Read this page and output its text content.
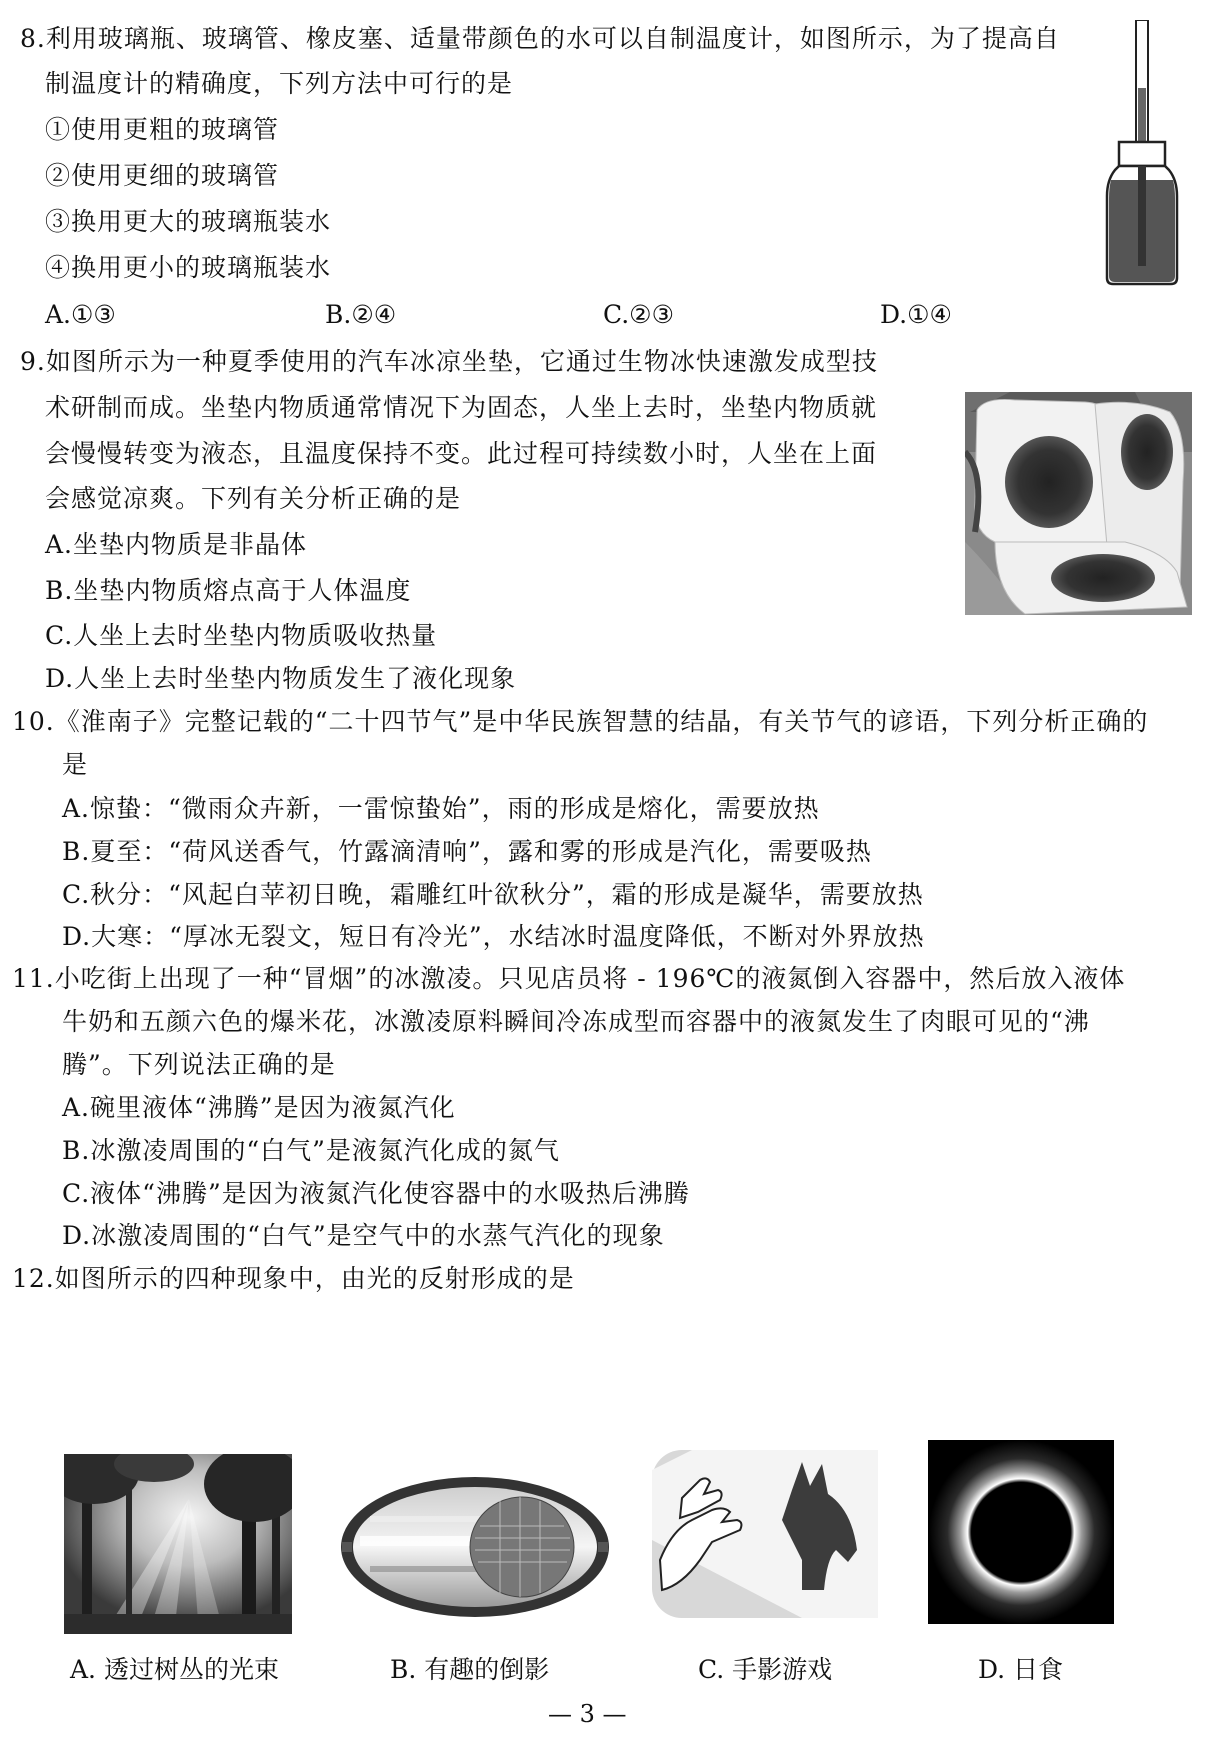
8.利用玻璃瓶、玻璃管、橡皮塞、适量带颜色的水可以自制温度计，如图所示，为了提高自
制温度计的精确度，下列方法中可行的是
①使用更粗的玻璃管
②使用更细的玻璃管
③换用更大的玻璃瓶装水
④换用更小的玻璃瓶装水
A.①③	B.②④	C.②③	D.①④
9.如图所示为一种夏季使用的汽车冰凉坐垫，它通过生物冰快速激发成型技
术研制而成。坐垫内物质通常情况下为固态，人坐上去时，坐垫内物质就
会慢慢转变为液态，且温度保持不变。此过程可持续数小时，人坐在上面
会感觉凉爽。下列有关分析正确的是
A.坐垫内物质是非晶体
B.坐垫内物质熔点高于人体温度
C.人坐上去时坐垫内物质吸收热量
D.人坐上去时坐垫内物质发生了液化现象
10.《淮南子》完整记载的“二十四节气”是中华民族智慧的结晶，有关节气的谚语，下列分析正确的
是
A.惊蛰：“微雨众卉新，一雷惊蛰始”，雨的形成是熔化，需要放热
B.夏至：“荷风送香气，竹露滴清响”，露和雾的形成是汽化，需要吸热
C.秋分：“风起白苹初日晚，霜雕红叶欲秋分”，霜的形成是凝华，需要放热
D.大寒：“厚冰无裂文，短日有冷光”，水结冰时温度降低，不断对外界放热
11.小吃街上出现了一种“冒烟”的冰激凌。只见店员将 - 196℃的液氮倒入容器中，然后放入液体
牛奶和五颜六色的爆米花，冰激凌原料瞬间冷冻成型而容器中的液氮发生了肉眼可见的“沸
腾”。下列说法正确的是
A.碗里液体“沸腾”是因为液氮汽化
B.冰激凌周围的“白气”是液氮汽化成的氮气
C.液体“沸腾”是因为液氮汽化使容器中的水吸热后沸腾
D.冰激凌周围的“白气”是空气中的水蒸气汽化的现象
12.如图所示的四种现象中，由光的反射形成的是
A. 透过树丛的光束	B. 有趣的倒影	C. 手影游戏	D. 日食
— 3 —
